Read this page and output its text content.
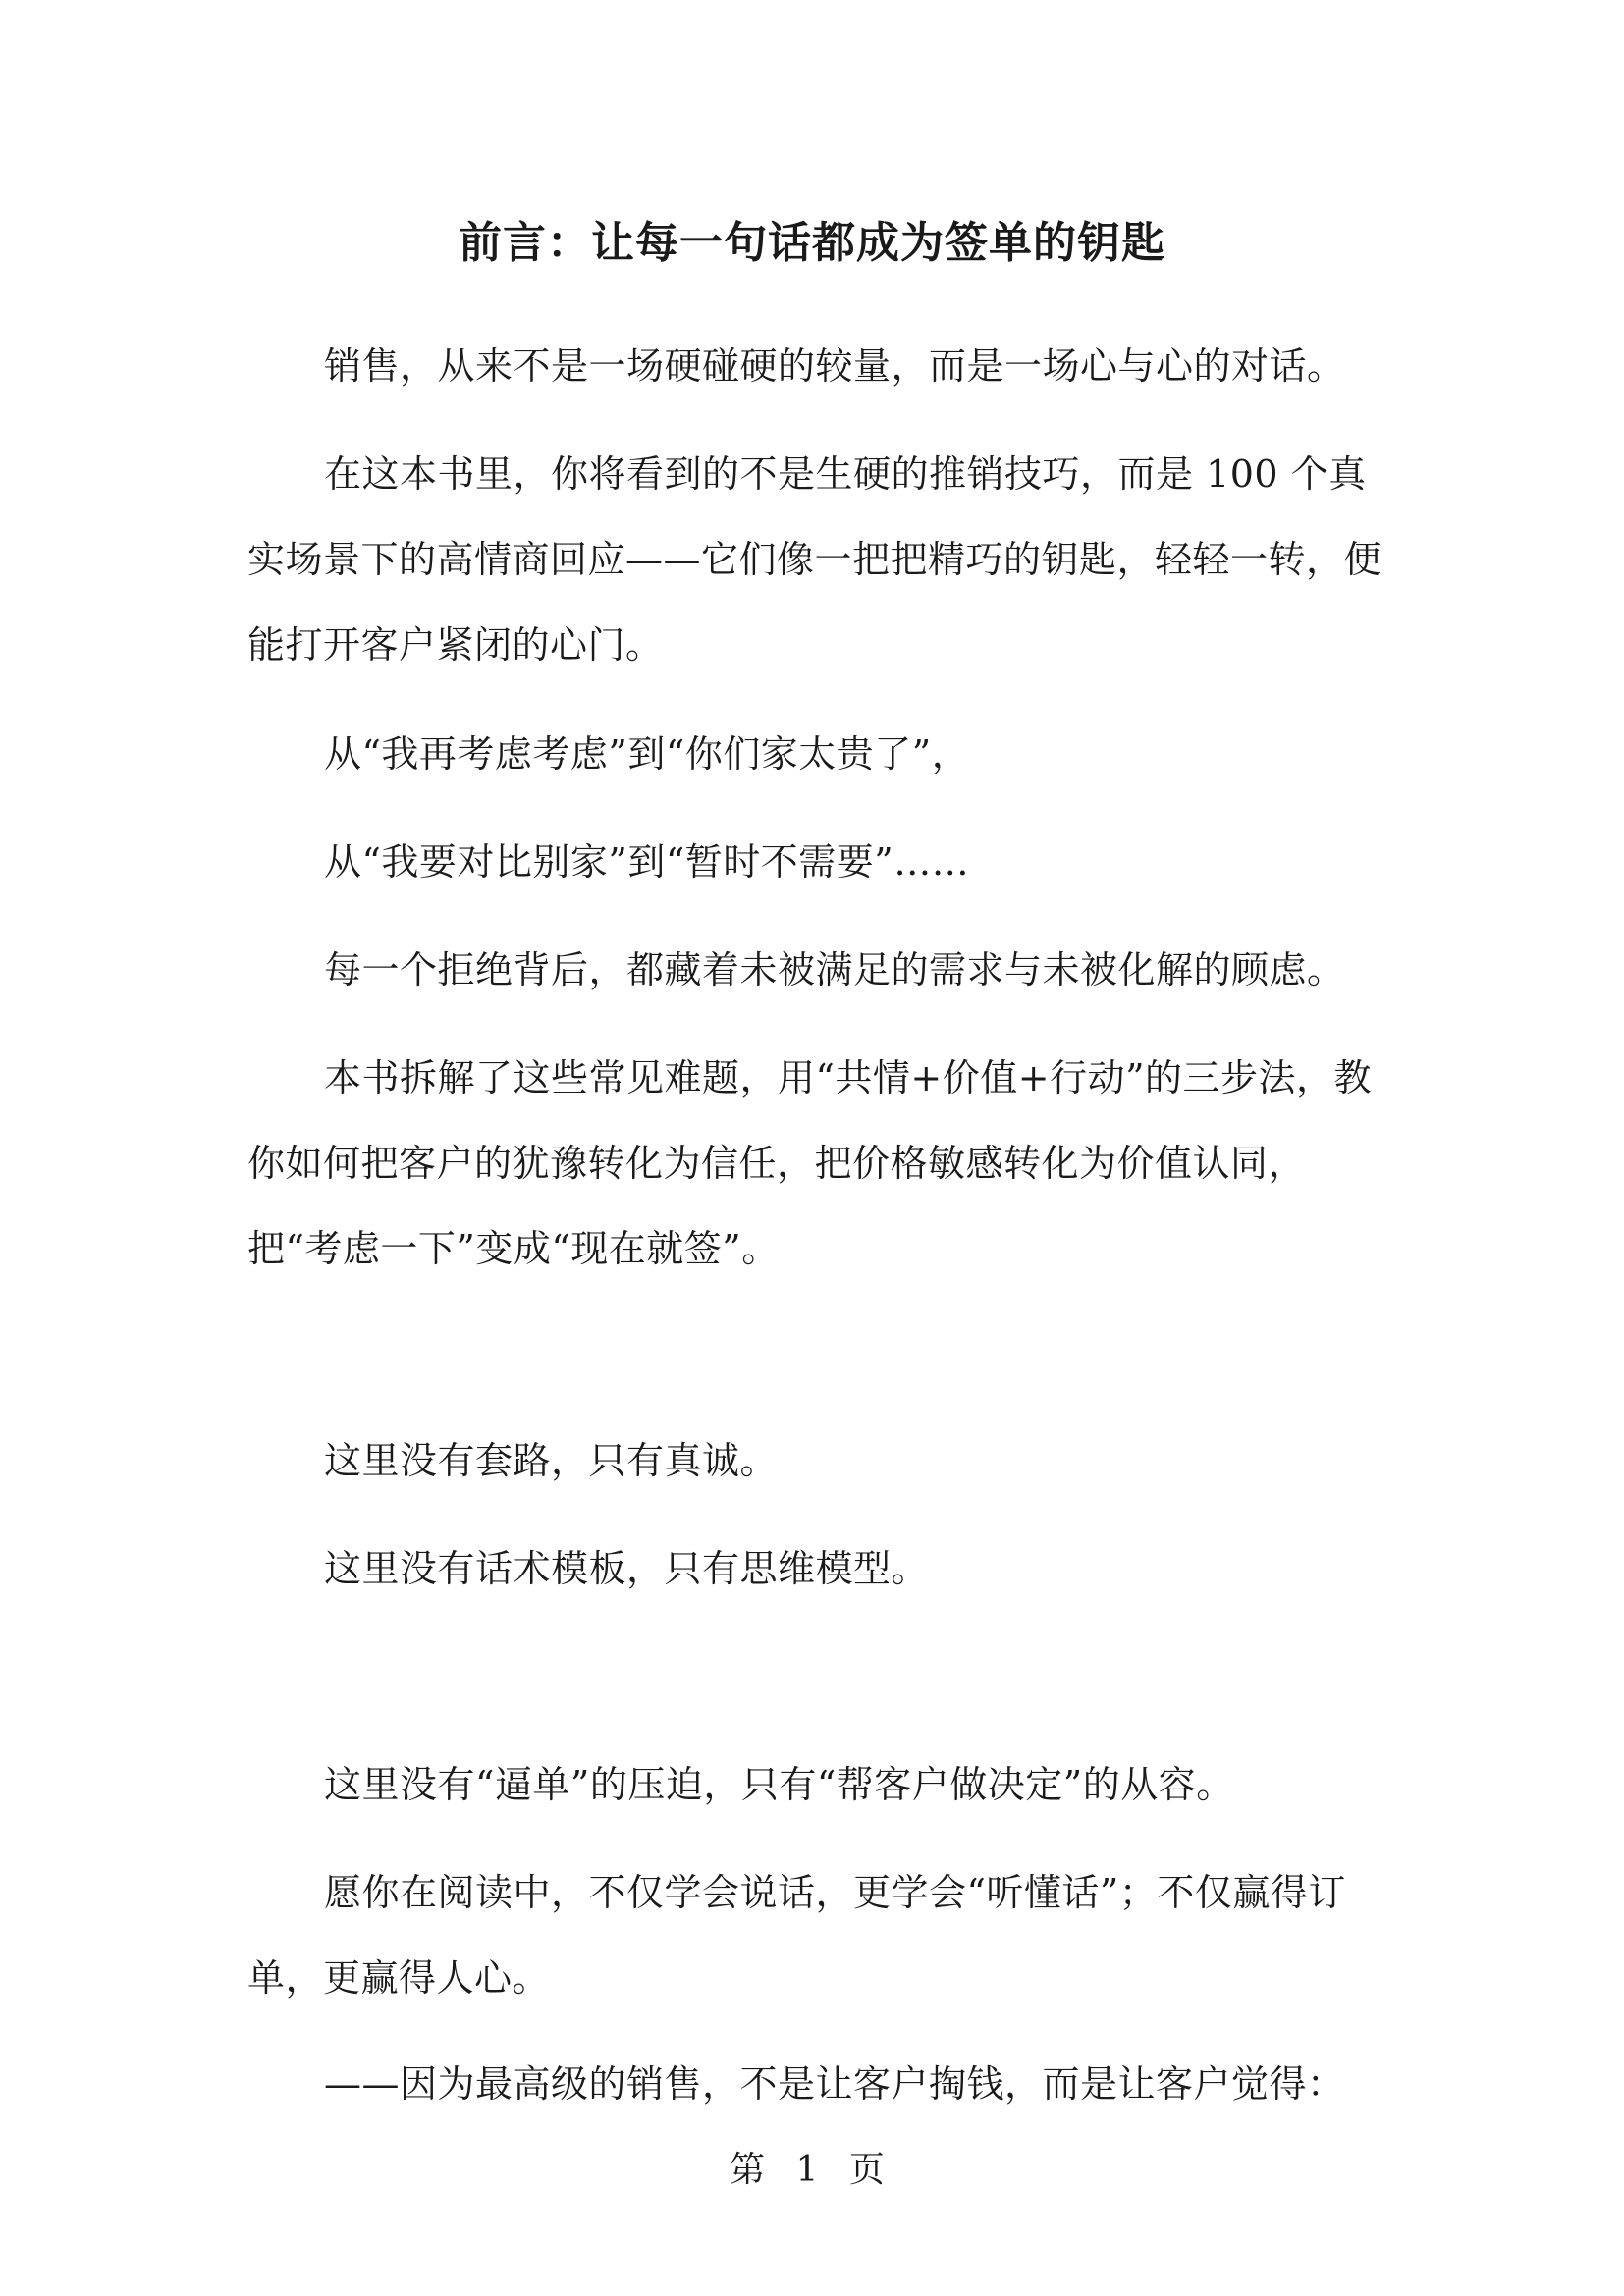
前言：让每一句话都成为签单的钥匙

销售，从来不是一场硬碰硬的较量，而是一场心与心的对话。

在这本书里，你将看到的不是生硬的推销技巧，而是 100 个真实场景下的高情商回应——它们像一把把精巧的钥匙，轻轻一转，便能打开客户紧闭的心门。

从“我再考虑考虑”到“你们家太贵了”，

从“我要对比别家”到“暂时不需要”……

每一个拒绝背后，都藏着未被满足的需求与未被化解的顾虑。

本书拆解了这些常见难题，用“共情+价值+行动”的三步法，教你如何把客户的犹豫转化为信任，把价格敏感转化为价值认同，把“考虑一下”变成“现在就签”。

这里没有套路，只有真诚。

这里没有话术模板，只有思维模型。

这里没有“逼单”的压迫，只有“帮客户做决定”的从容。

愿你在阅读中，不仅学会说话，更学会“听懂话”；不仅赢得订单，更赢得人心。

——因为最高级的销售，不是让客户掏钱，而是让客户觉得：

第 1 页
